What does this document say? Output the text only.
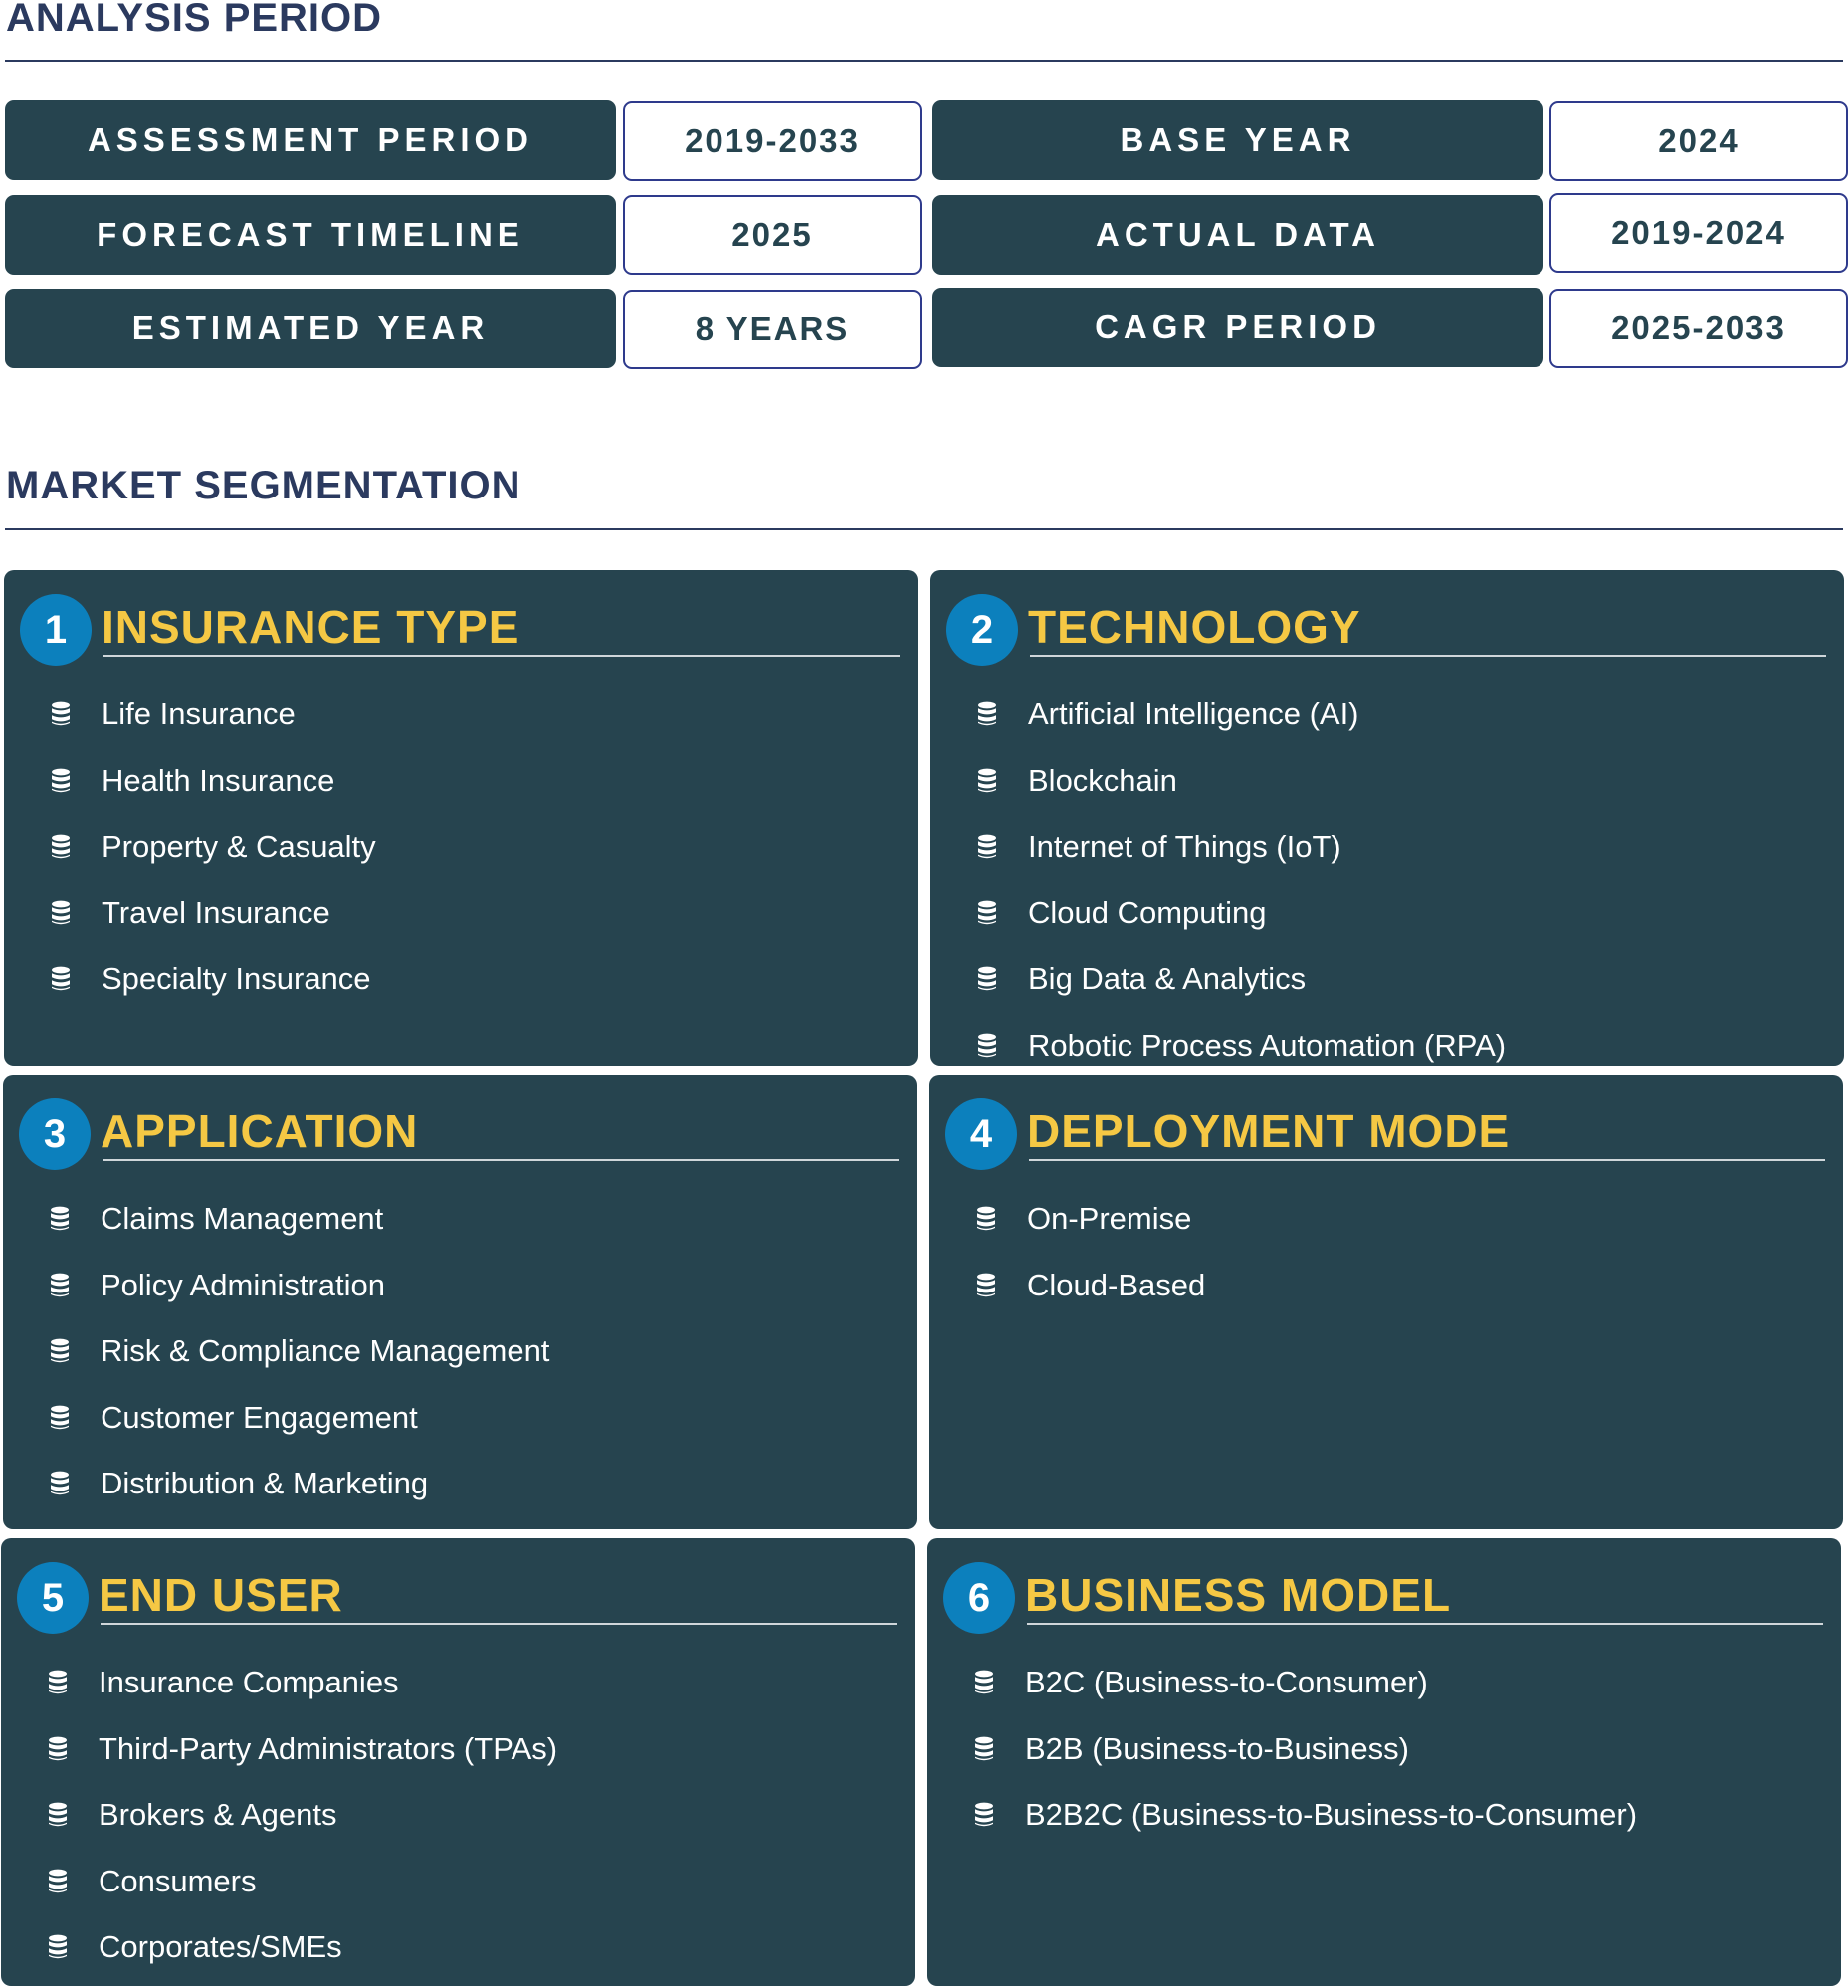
ANALYSIS PERIOD
ASSESSMENT PERIOD	2019-2033	BASE YEAR	2024
FORECAST TIMELINE	2025	ACTUAL DATA	2019-2024
ESTIMATED YEAR	8 YEARS	CAGR PERIOD	2025-2033
MARKET SEGMENTATION
1 INSURANCE TYPE
Life Insurance
Health Insurance
Property & Casualty
Travel Insurance
Specialty Insurance
2 TECHNOLOGY
Artificial Intelligence (AI)
Blockchain
Internet of Things (IoT)
Cloud Computing
Big Data & Analytics
Robotic Process Automation (RPA)
3 APPLICATION
Claims Management
Policy Administration
Risk & Compliance Management
Customer Engagement
Distribution & Marketing
4 DEPLOYMENT MODE
On-Premise
Cloud-Based
5 END USER
Insurance Companies
Third-Party Administrators (TPAs)
Brokers & Agents
Consumers
Corporates/SMEs
6 BUSINESS MODEL
B2C (Business-to-Consumer)
B2B (Business-to-Business)
B2B2C (Business-to-Business-to-Consumer)
